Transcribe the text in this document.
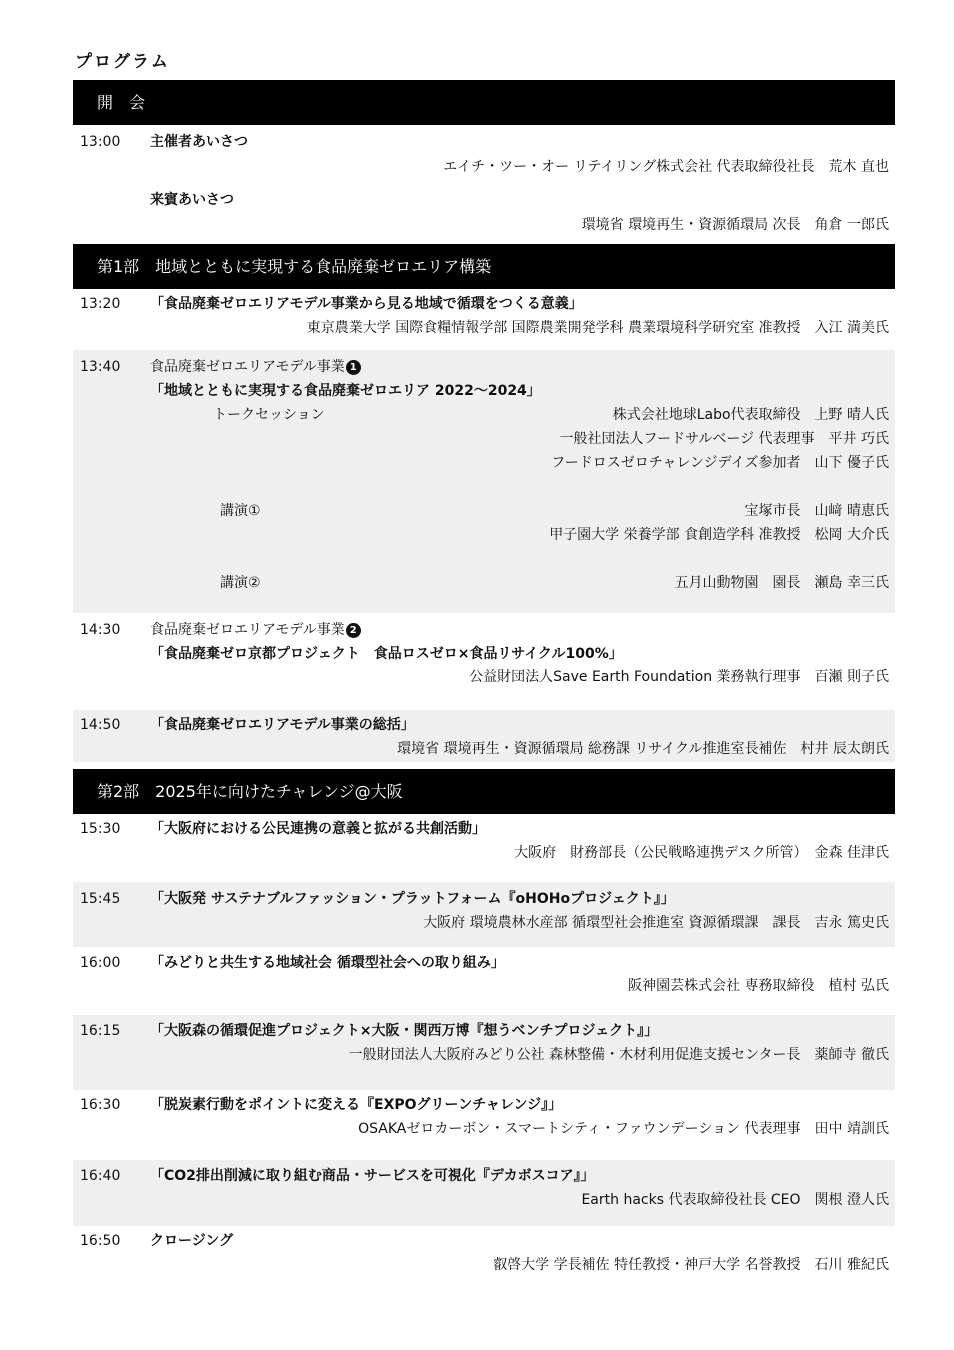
プログラム
開　会
第1部　地域とともに実現する食品廃棄ゼロエリア構築
第2部　2025年に向けたチャレンジ@大阪
13:00 主催者あいさつ
エイチ・ツー・オー リテイリング株式会社 代表取締役社長　荒木 直也
来賓あいさつ
環境省 環境再生・資源循環局 次長　角倉 一郎氏
13:20 「食品廃棄ゼロエリアモデル事業から見る地域で循環をつくる意義」
東京農業大学 国際食糧情報学部 国際農業開発学科 農業環境科学研究室 准教授　入江 満美氏
13:40 食品廃棄ゼロエリアモデル事業 1
「地域とともに実現する食品廃棄ゼロエリア 2022～2024」
トークセッション	株式会社地球Labo代表取締役　上野 晴人氏
一般社団法人フードサルベージ 代表理事　平井 巧氏
フードロスゼロチャレンジデイズ参加者　山下 優子氏
講演①	宝塚市長　山﨑 晴恵氏
甲子園大学 栄養学部 食創造学科 准教授　松岡 大介氏
講演②	五月山動物園　園長　瀬島 幸三氏
14:30 食品廃棄ゼロエリアモデル事業 2
「食品廃棄ゼロ京都プロジェクト　食品ロスゼロ×食品リサイクル100%」
公益財団法人Save Earth Foundation 業務執行理事　百瀬 則子氏
14:50 「食品廃棄ゼロエリアモデル事業の総括」
環境省 環境再生・資源循環局 総務課 リサイクル推進室長補佐　村井 辰太朗氏
15:30 「大阪府における公民連携の意義と拡がる共創活動」
大阪府　財務部長（公民戦略連携デスク所管）　金森 佳津氏
15:45 「大阪発 サステナブルファッション・プラットフォーム『oHOHoプロジェクト』」
大阪府 環境農林水産部 循環型社会推進室 資源循環課　課長　吉永 篤史氏
16:00 「みどりと共生する地域社会 循環型社会への取り組み」
阪神園芸株式会社 専務取締役　植村 弘氏
16:15 「大阪森の循環促進プロジェクト×大阪・関西万博『想うベンチプロジェクト』」
一般財団法人大阪府みどり公社 森林整備・木材利用促進支援センター長　薬師寺 徹氏
16:30 「脱炭素行動をポイントに変える『EXPOグリーンチャレンジ』」
OSAKAゼロカーボン・スマートシティ・ファウンデーション 代表理事　田中 靖訓氏
16:40 「CO2排出削減に取り組む商品・サービスを可視化『デカボスコア』」
Earth hacks 代表取締役社長 CEO　関根 澄人氏
16:50 クロージング
叡啓大学 学長補佐 特任教授・神戸大学 名誉教授　石川 雅紀氏
